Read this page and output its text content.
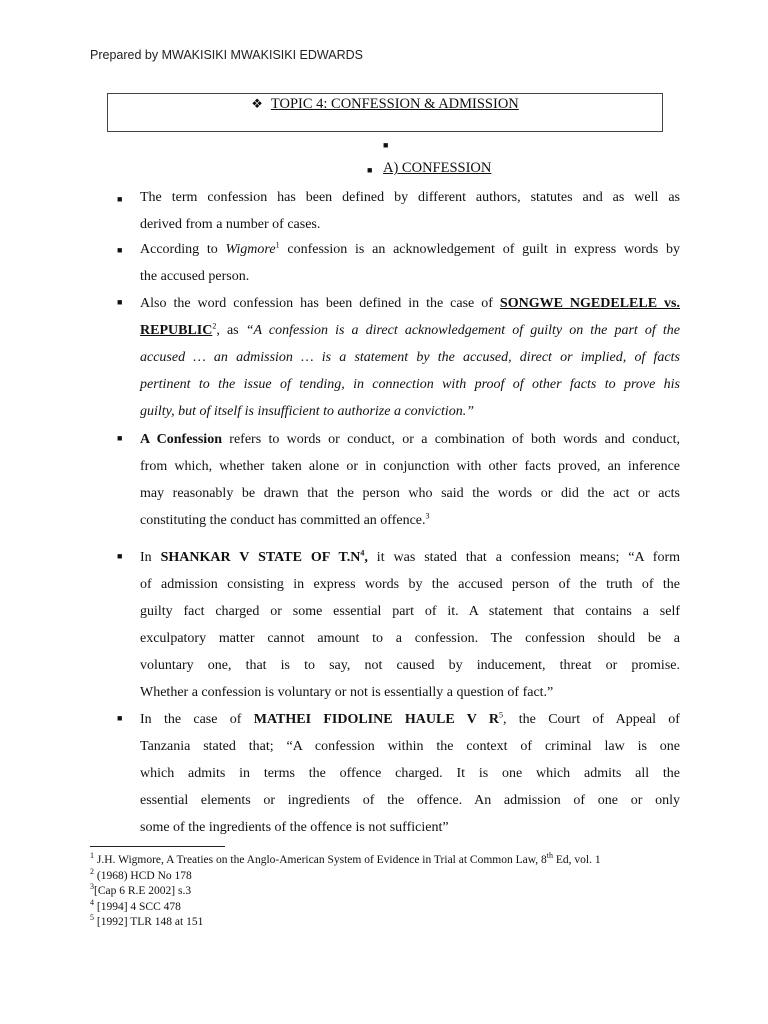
Prepared by MWAKISIKI MWAKISIKI EDWARDS
❖ TOPIC 4: CONFESSION & ADMISSION
■
■
■
■
■
■
■
■
A) CONFESSION
The term confession has been defined by different authors, statutes and as well as
derived from a number of cases.
According to Wigmore$^1$ confession is an acknowledgement of guilt in express words by
the accused person.
Also the word confession has been defined in the case of SONGWE NGEDELELE vs.
REPUBLIC$^2$, as “A confession is a direct acknowledgement of guilty on the part of the
accused … an admission … is a statement by the accused, direct or implied, of facts
pertinent to the issue of tending, in connection with proof of other facts to prove his
guilty, but of itself is insufficient to authorize a conviction.”
A Confession refers to words or conduct, or a combination of both words and conduct,
from which, whether taken alone or in conjunction with other facts proved, an inference
may reasonably be drawn that the person who said the words or did the act or acts
constituting the conduct has committed an offence.$^3$
In SHANKAR V STATE OF $T.N^4$, it was stated that a confession means; “A form
of admission consisting in express words by the accused person of the truth of the
guilty fact charged or some essential part of it. A statement that contains a self
exculpatory matter cannot amount to a confession. The confession should be a
voluntary one, that is to say, not caused by inducement, threat or promise.
Whether a confession is voluntary or not is essentially a question of fact.”
In the case of MATHEI FIDOLINE HAULE V $R^5$, the Court of Appeal of
Tanzania stated that; “A confession within the context of criminal law is one
which admits in terms the offence charged. It is one which admits all the
essential elements or ingredients of the offence. An admission of one or only
some of the ingredients of the offence is not sufficient”
$^1$ J.H. Wigmore, A Treaties on the Anglo-American System of Evidence in Trial at Common Law, 8th Ed, vol. 1
$^2$ (1968) HCD No 178
$^3$[Cap 6 R.E 2002] s.3
$^4$ [1994] 4 SCC 478
$^5$ [1992] TLR 148 at 151
